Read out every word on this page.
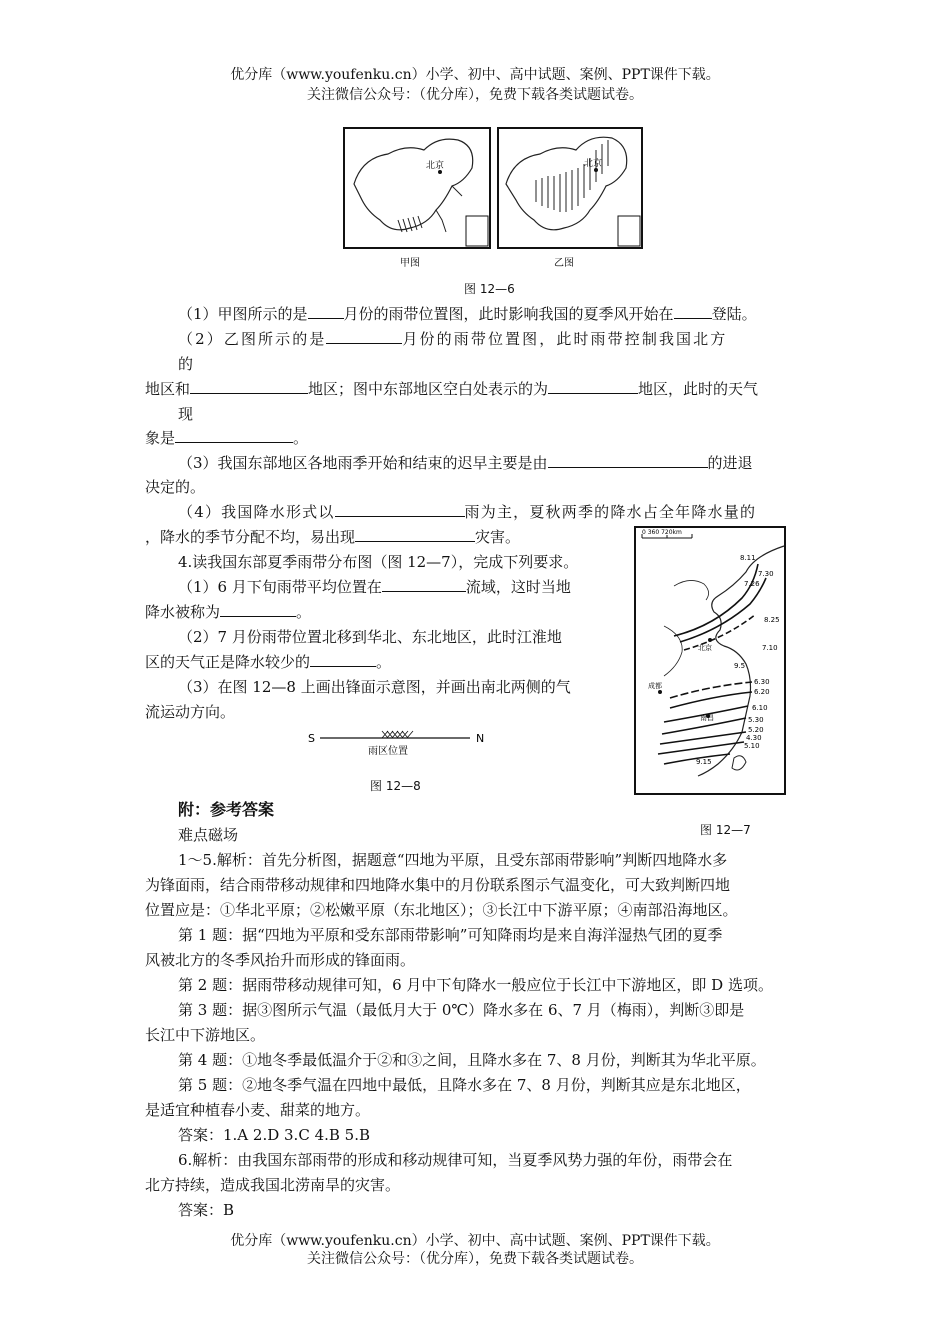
优分库（www.youfenku.cn）小学、初中、高中试题、案例、PPT课件下载。
关注微信公众号：（优分库），免费下载各类试题试卷。
北京	北京
甲图	乙图
图 12—6
（1）甲图所示的是 月份的雨带位置图，此时影响我国的夏季风开始在	登陆。
（2）乙图所示的是	月份的雨带位置图，此时雨带控制我国北方
的
地区和	地区；图中东部地区空白处表示的为	地区，此时的天气
现
象是	。
（3）我国东部地区各地雨季开始和结束的迟早主要是由	的进退
决定的。
（4）我国降水形式以	雨为主，夏秋两季的降水占全年降水量的
，降水的季节分配不均，易出现	灾害。
4.读我国东部夏季雨带分布图（图 12—7），完成下列要求。
（1）6 月下旬雨带平均位置在	流域，这时当地
降水被称为	。
（2）7 月份雨带位置北移到华北、东北地区，此时江淮地
区的天气正是降水较少的	。
（3）在图 12—8 上画出锋面示意图，并画出南北两侧的气
流运动方向。
S	N
雨区位置
图 12—8
0 360 720km
北京
成都
南昌
8.11
7.30
7.26
8.25
7.10
9.5
6.30
6.20
6.10
5.30
5.20
4.30
5.10
9.15
图 12—7
附：参考答案
难点磁场
1～5.解析：首先分析图，据题意“四地为平原，且受东部雨带影响”判断四地降水多
为锋面雨，结合雨带移动规律和四地降水集中的月份联系图示气温变化，可大致判断四地
位置应是：①华北平原；②松嫩平原（东北地区）；③长江中下游平原；④南部沿海地区。
第 1 题：据“四地为平原和受东部雨带影响”可知降雨均是来自海洋湿热气团的夏季
风被北方的冬季风抬升而形成的锋面雨。
第 2 题：据雨带移动规律可知，6 月中下旬降水一般应位于长江中下游地区，即 D 选项。
第 3 题：据③图所示气温（最低月大于 0℃）降水多在 6、7 月（梅雨），判断③即是
长江中下游地区。
第 4 题：①地冬季最低温介于②和③之间，且降水多在 7、8 月份，判断其为华北平原。
第 5 题：②地冬季气温在四地中最低，且降水多在 7、8 月份，判断其应是东北地区，
是适宜种植春小麦、甜菜的地方。
答案：1.A 2.D 3.C 4.B 5.B
6.解析：由我国东部雨带的形成和移动规律可知，当夏季风势力强的年份，雨带会在
北方持续，造成我国北涝南旱的灾害。
答案：B
优分库（www.youfenku.cn）小学、初中、高中试题、案例、PPT课件下载。
关注微信公众号：（优分库），免费下载各类试题试卷。
